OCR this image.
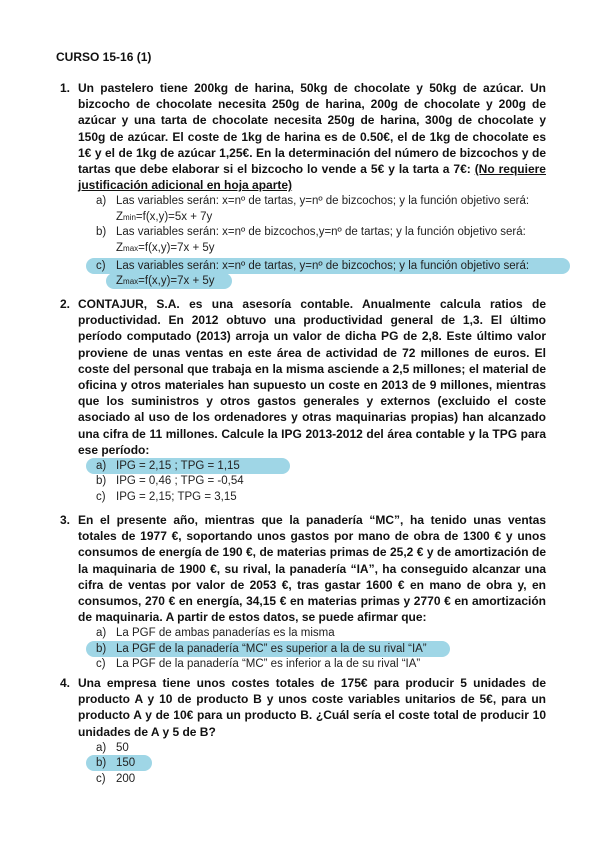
CURSO 15-16 (1)
1. Un pastelero tiene 200kg de harina, 50kg de chocolate y 50kg de azúcar. Un bizcocho de chocolate necesita 250g de harina, 200g de chocolate y 200g de azúcar y una tarta de chocolate necesita 250g de harina, 300g de chocolate y 150g de azúcar. El coste de 1kg de harina es de 0.50€, el de 1kg de chocolate es 1€ y el de 1kg de azúcar 1,25€. En la determinación del número de bizcochos y de tartas que debe elaborar si el bizcocho lo vende a 5€ y la tarta a 7€: (No requiere justificación adicional en hoja aparte)
a) Las variables serán: x=nº de tartas, y=nº de bizcochos; y la función objetivo será:
Zmin=f(x,y)=5x + 7y
b) Las variables serán: x=nº de bizcochos,y=nº de tartas; y la función objetivo será:
Zmax=f(x,y)=7x + 5y
c) Las variables serán: x=nº de tartas, y=nº de bizcochos; y la función objetivo será:
Zmax=f(x,y)=7x + 5y
2. CONTAJUR, S.A. es una asesoría contable. Anualmente calcula ratios de productividad. En 2012 obtuvo una productividad general de 1,3. El último período computado (2013) arroja un valor de dicha PG de 2,8. Este último valor proviene de unas ventas en este área de actividad de 72 millones de euros. El coste del personal que trabaja en la misma asciende a 2,5 millones; el material de oficina y otros materiales han supuesto un coste en 2013 de 9 millones, mientras que los suministros y otros gastos generales y externos (excluido el coste asociado al uso de los ordenadores y otras maquinarias propias) han alcanzado una cifra de 11 millones. Calcule la IPG 2013-2012 del área contable y la TPG para ese período:
a) IPG = 2,15 ; TPG = 1,15
b) IPG = 0,46 ; TPG = -0,54
c) IPG = 2,15; TPG = 3,15
3. En el presente año, mientras que la panadería “MC”, ha tenido unas ventas totales de 1977 €, soportando unos gastos por mano de obra de 1300 € y unos consumos de energía de 190 €, de materias primas de 25,2 € y de amortización de la maquinaria de 1900 €, su rival, la panadería “IA”, ha conseguido alcanzar una cifra de ventas por valor de 2053 €, tras gastar 1600 € en mano de obra y, en consumos, 270 € en energía, 34,15 € en materias primas y 2770 € en amortización de maquinaria. A partir de estos datos, se puede afirmar que:
a) La PGF de ambas panaderías es la misma
b) La PGF de la panadería “MC” es superior a la de su rival “IA”
c) La PGF de la panadería “MC” es inferior a la de su rival “IA”
4. Una empresa tiene unos costes totales de 175€ para producir 5 unidades de producto A y 10 de producto B y unos coste variables unitarios de 5€, para un producto A y de 10€ para un producto B. ¿Cuál sería el coste total de producir 10 unidades de A y 5 de B?
a) 50
b) 150
c) 200
